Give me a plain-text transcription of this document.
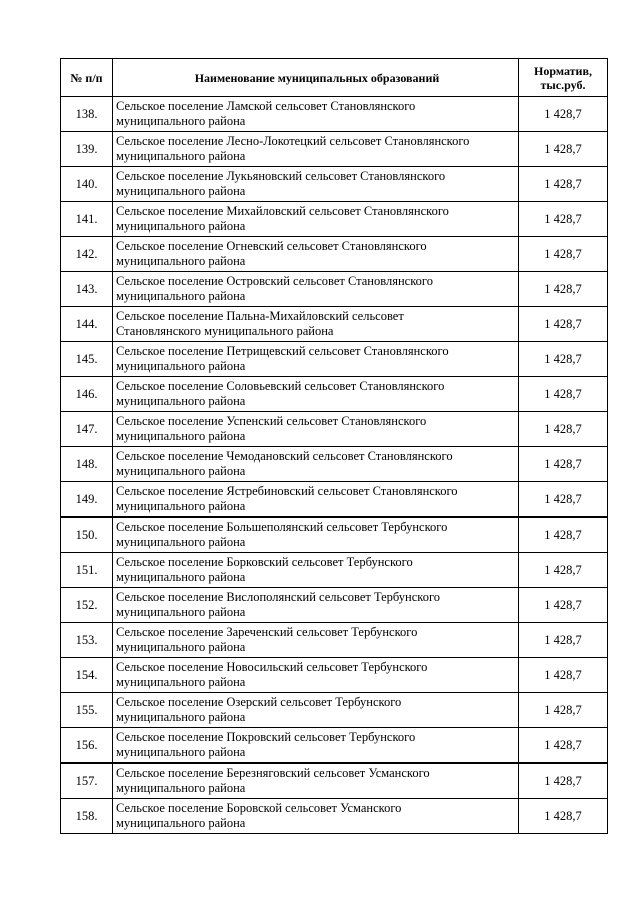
№ п/п	Наименование муниципальных образований	Норматив,
тыс.руб.

138.	Сельское поселение Ламской сельсовет Становлянского
муниципального района	1 428,7
139.	Сельское поселение Лесно-Локотецкий сельсовет Становлянского
муниципального района	1 428,7
140.	Сельское поселение Лукьяновский сельсовет Становлянского
муниципального района	1 428,7
141.	Сельское поселение Михайловский сельсовет Становлянского
муниципального района	1 428,7
142.	Сельское поселение Огневский сельсовет Становлянского
муниципального района	1 428,7
143.	Сельское поселение Островский сельсовет Становлянского
муниципального района	1 428,7
144.	Сельское поселение Пальна-Михайловский сельсовет
Становлянского муниципального района	1 428,7
145.	Сельское поселение Петрищевский сельсовет Становлянского
муниципального района	1 428,7
146.	Сельское поселение Соловьевский сельсовет Становлянского
муниципального района	1 428,7
147.	Сельское поселение Успенский сельсовет Становлянского
муниципального района	1 428,7
148.	Сельское поселение Чемодановский сельсовет Становлянского
муниципального района	1 428,7
149.	Сельское поселение Ястребиновский сельсовет Становлянского
муниципального района	1 428,7
150.	Сельское поселение Большеполянский сельсовет Тербунского
муниципального района	1 428,7
151.	Сельское поселение Борковский сельсовет Тербунского
муниципального района	1 428,7
152.	Сельское поселение Вислополянский сельсовет Тербунского
муниципального района	1 428,7
153.	Сельское поселение Зареченский сельсовет Тербунского
муниципального района	1 428,7
154.	Сельское поселение Новосильский сельсовет Тербунского
муниципального района	1 428,7
155.	Сельское поселение Озерский сельсовет Тербунского
муниципального района	1 428,7
156.	Сельское поселение Покровский сельсовет Тербунского
муниципального района	1 428,7
157.	Сельское поселение Березняговский сельсовет Усманского
муниципального района	1 428,7
158.	Сельское поселение Боровской сельсовет Усманского
муниципального района	1 428,7
